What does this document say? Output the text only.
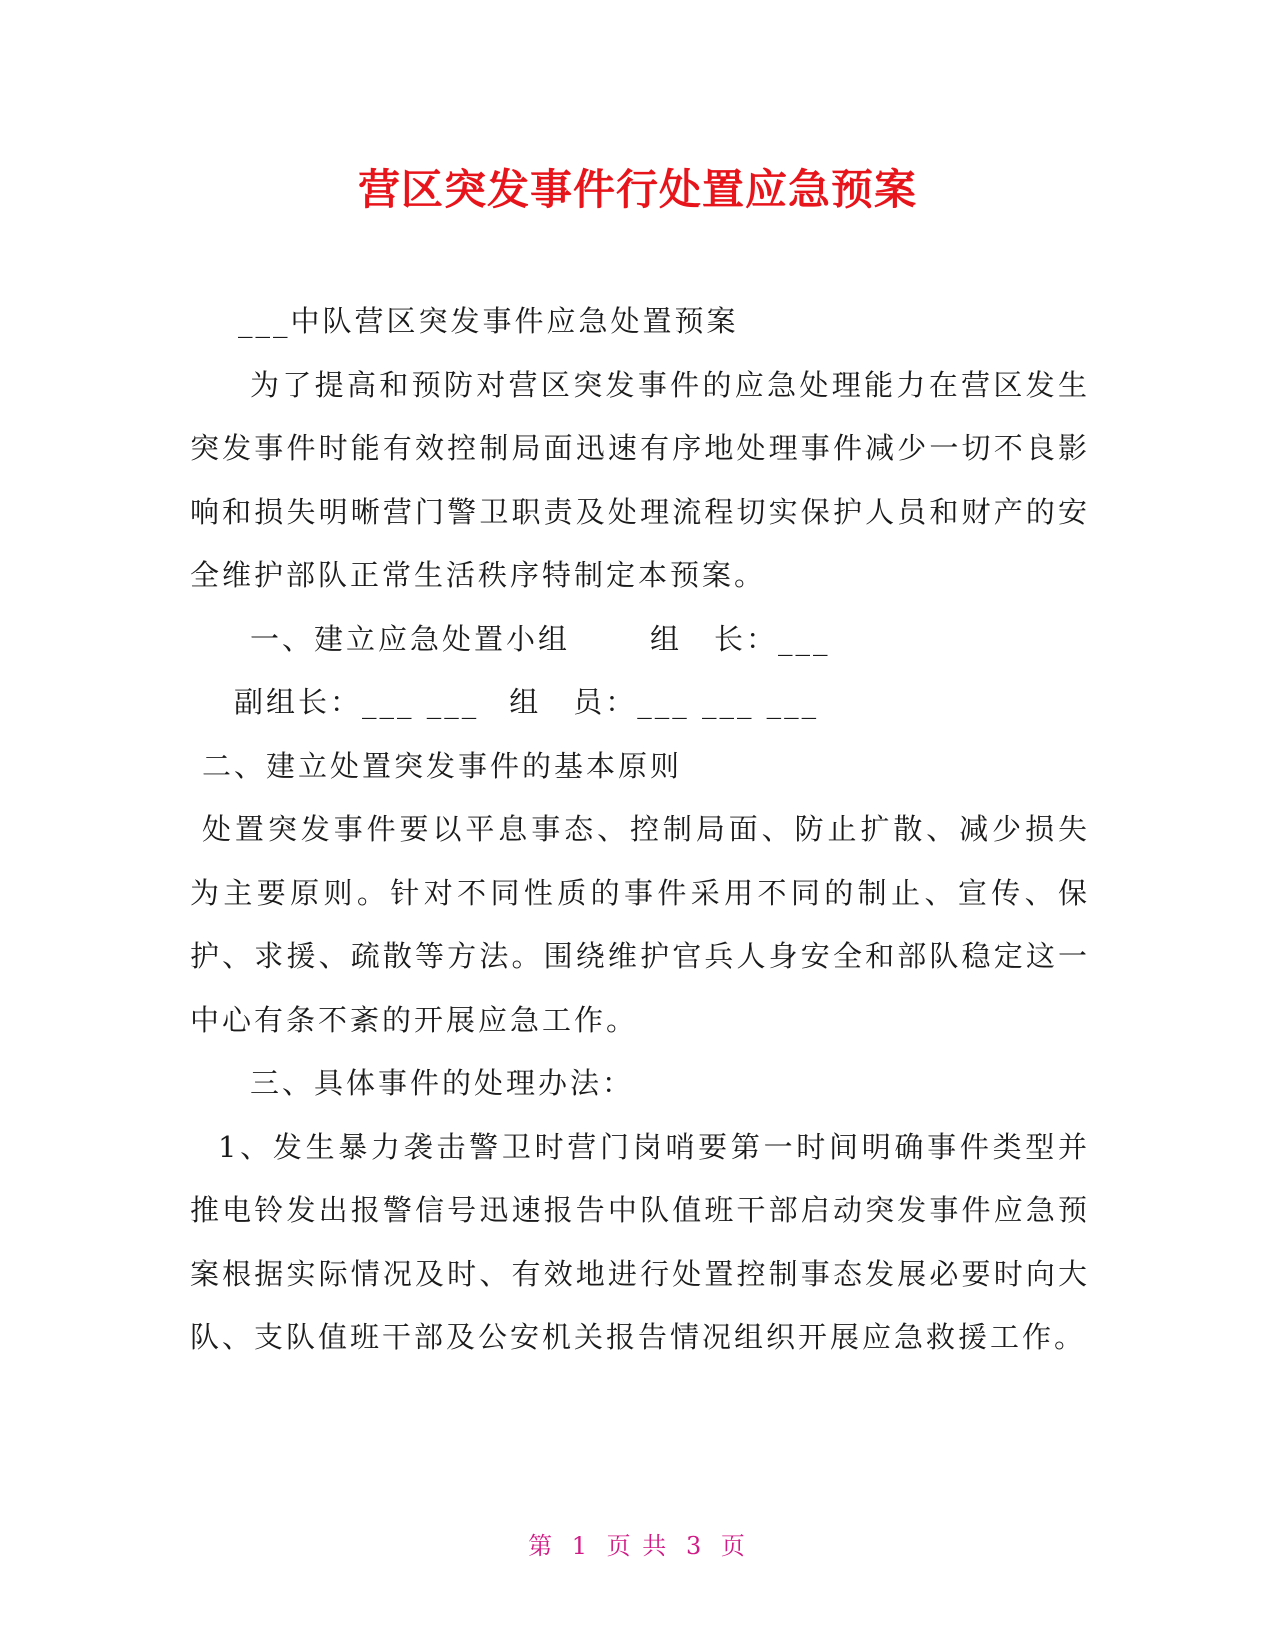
营区突发事件行处置应急预案

___中队营区突发事件应急处置预案

为了提高和预防对营区突发事件的应急处理能力在营区发生突发事件时能有效控制局面迅速有序地处理事件减少一切不良影响和损失明晰营门警卫职责及处理流程切实保护人员和财产的安全维护部队正常生活秩序特制定本预案。

一、建立应急处置小组	组　长： ___
副组长： ___ ___ 组　员： ___ ___ ___

二、建立处置突发事件的基本原则

处置突发事件要以平息事态、控制局面、防止扩散、减少损失为主要原则。针对不同性质的事件采用不同的制止、宣传、保护、求援、疏散等方法。围绕维护官兵人身安全和部队稳定这一中心有条不紊的开展应急工作。

三、具体事件的处理办法：

1、发生暴力袭击警卫时营门岗哨要第一时间明确事件类型并推电铃发出报警信号迅速报告中队值班干部启动突发事件应急预案根据实际情况及时、有效地进行处置控制事态发展必要时向大队、支队值班干部及公安机关报告情况组织开展应急救援工作。

第 1 页 共 3 页
